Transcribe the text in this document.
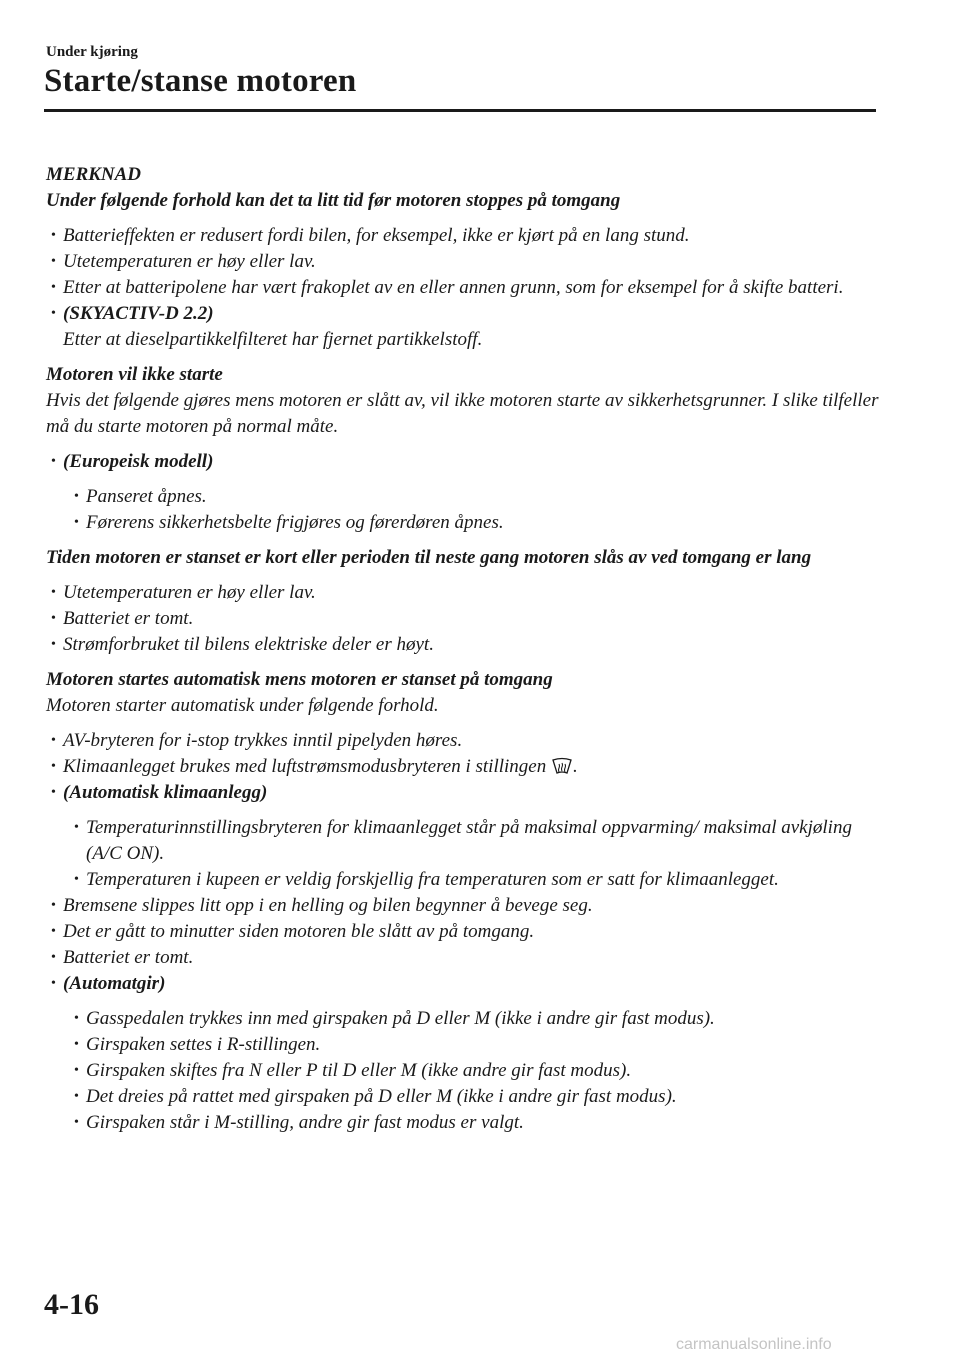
Under kjøring
Starte/stanse motoren

MERKNAD

Under følgende forhold kan det ta litt tid før motoren stoppes på tomgang

• Batterieffekten er redusert fordi bilen, for eksempel, ikke er kjørt på en lang stund.
• Utetemperaturen er høy eller lav.
• Etter at batteripolene har vært frakoplet av en eller annen grunn, som for eksempel for å skifte batteri.
• (SKYACTIV-D 2.2)
Etter at dieselpartikkelfilteret har fjernet partikkelstoff.

Motoren vil ikke starte

Hvis det følgende gjøres mens motoren er slått av, vil ikke motoren starte av sikkerhetsgrunner. I slike tilfeller må du starte motoren på normal måte.

• (Europeisk modell)
• Panseret åpnes.
• Førerens sikkerhetsbelte frigjøres og førerdøren åpnes.

Tiden motoren er stanset er kort eller perioden til neste gang motoren slås av ved tomgang er lang

• Utetemperaturen er høy eller lav.
• Batteriet er tomt.
• Strømforbruket til bilens elektriske deler er høyt.

Motoren startes automatisk mens motoren er stanset på tomgang

Motoren starter automatisk under følgende forhold.

• AV-bryteren for i-stop trykkes inntil pipelyden høres.
• Klimaanlegget brukes med luftstrømsmodusbryteren i stillingen .
• (Automatisk klimaanlegg)
• Temperaturinnstillingsbryteren for klimaanlegget står på maksimal oppvarming/ maksimal avkjøling (A/C ON).
• Temperaturen i kupeen er veldig forskjellig fra temperaturen som er satt for klimaanlegget.
• Bremsene slippes litt opp i en helling og bilen begynner å bevege seg.
• Det er gått to minutter siden motoren ble slått av på tomgang.
• Batteriet er tomt.
• (Automatgir)
• Gasspedalen trykkes inn med girspaken på D eller M (ikke i andre gir fast modus).
• Girspaken settes i R-stillingen.
• Girspaken skiftes fra N eller P til D eller M (ikke andre gir fast modus).
• Det dreies på rattet med girspaken på D eller M (ikke i andre gir fast modus).
• Girspaken står i M-stilling, andre gir fast modus er valgt.
4-16
carmanualsonline.info
